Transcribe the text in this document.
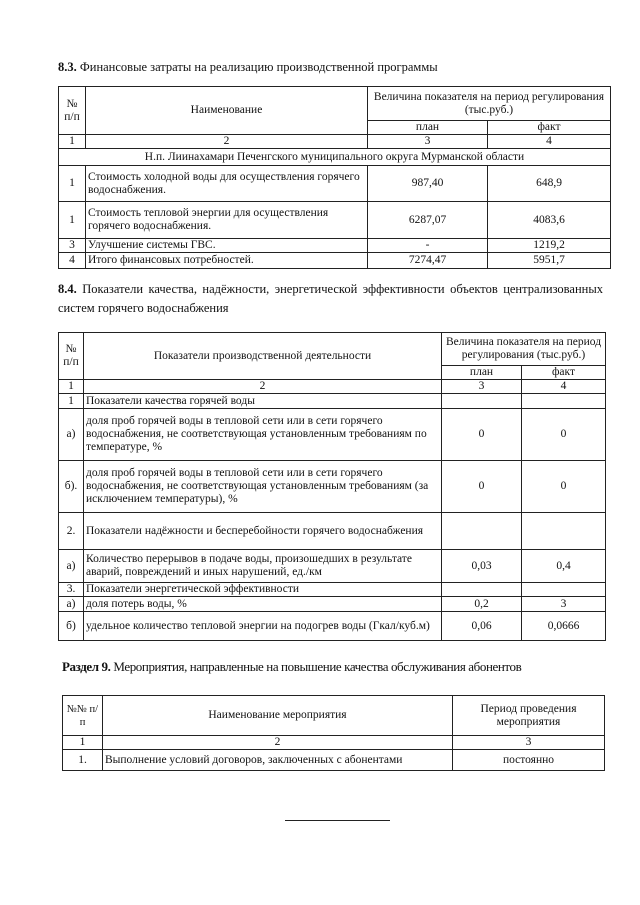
8.3. Финансовые затраты на реализацию производственной программы
№ п/п	Наименование	Величина показателя на период регулирования (тыс.руб.)	
		план	факт
1	2	3	4
Н.п. Лиинахамари Печенгского муниципального округа Мурманской области			
1	Стоимость холодной воды для осуществления горячего водоснабжения.	987,40	648,9
1	Стоимость тепловой энергии для осуществления горячего водоснабжения.	6287,07	4083,6
3	Улучшение системы ГВС.	-	1219,2
4	Итого финансовых потребностей.	7274,47	5951,7
8.4. Показатели качества, надёжности, энергетической эффективности объектов централизованных систем горячего водоснабжения
№ п/п	Показатели производственной деятельности	Величина показателя на период регулирования (тыс.руб.)	
		план	факт
1	2	3	4
1	Показатели качества горячей воды		
а)	доля проб горячей воды в тепловой сети или в сети горячего водоснабжения, не соответствующая установленным требованиям по температуре, %	0	0
б).	доля проб горячей воды в тепловой сети или в сети горячего водоснабжения, не соответствующая установленным требованиям (за исключением температуры), %	0	0
2.	Показатели надёжности и бесперебойности горячего водоснабжения		
а)	Количество перерывов в подаче воды, произошедших в результате аварий, повреждений и иных нарушений, ед./км	0,03	0,4
3.	Показатели энергетической эффективности		
а)	доля потерь воды, %	0,2	3
б)	удельное количество тепловой энергии на подогрев воды (Гкал/куб.м)	0,06	0,0666
Раздел 9. Мероприятия, направленные на повышение качества обслуживания абонентов
№№ п/п	Наименование мероприятия	Период проведения мероприятия
1	2	3
1.	Выполнение условий договоров, заключенных с абонентами	постоянно
